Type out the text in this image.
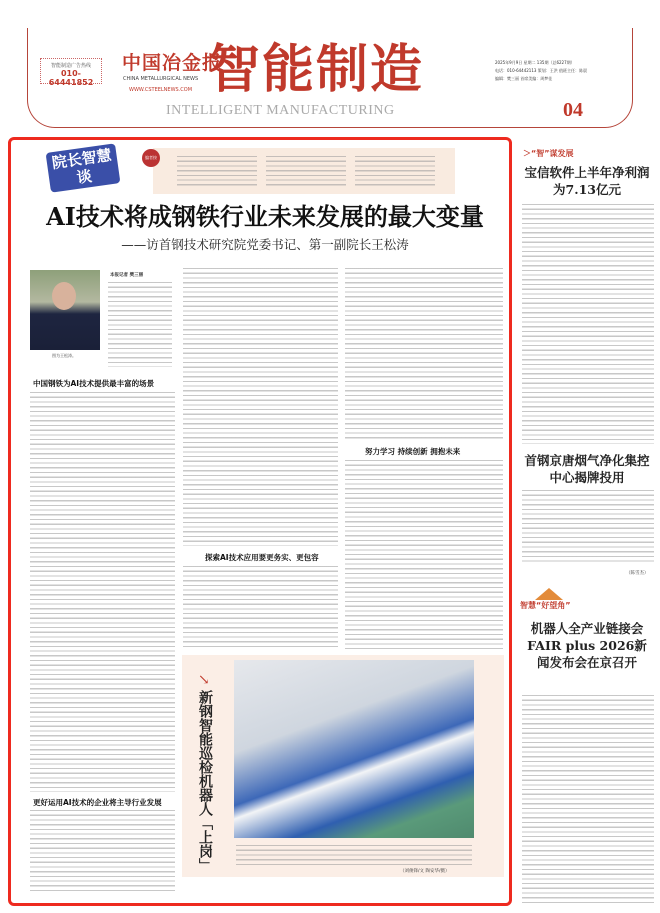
智能制造广告热线
010-64441852
中国冶金报
CHINA METALLURGICAL NEWS
WWW.CSTEELNEWS.COM 智能制造
INTELLIGENT MANUFACTURING
2025年9月9日 星期二 135期（总6227期）
电话：010-64442113 策划：王洪 值班主任：陈晨
编辑：樊三丽 首席美编：周梦佳
04
院长智慧谈
编者按
AI技术将成钢铁行业未来发展的最大变量
——访首钢技术研究院党委书记、第一副院长王松涛
图为王松涛。
本报记者 樊三丽
中国钢铁为AI技术提供最丰富的场景
更好运用AI技术的企业将主导行业发展
探索AI技术应用要更务实、更包容
努力学习 持续创新 拥抱未来
↘
新钢智能巡检机器人「上岗」	（刘俊锋/文 陶安华/摄）
＞“智”谋发展
宝信软件上半年净利润为7.13亿元
首钢京唐烟气净化集控中心揭牌投用
（陈雪杰）
智慧“好望角”
机器人全产业链接会FAIR plus 2026新闻发布会在京召开
